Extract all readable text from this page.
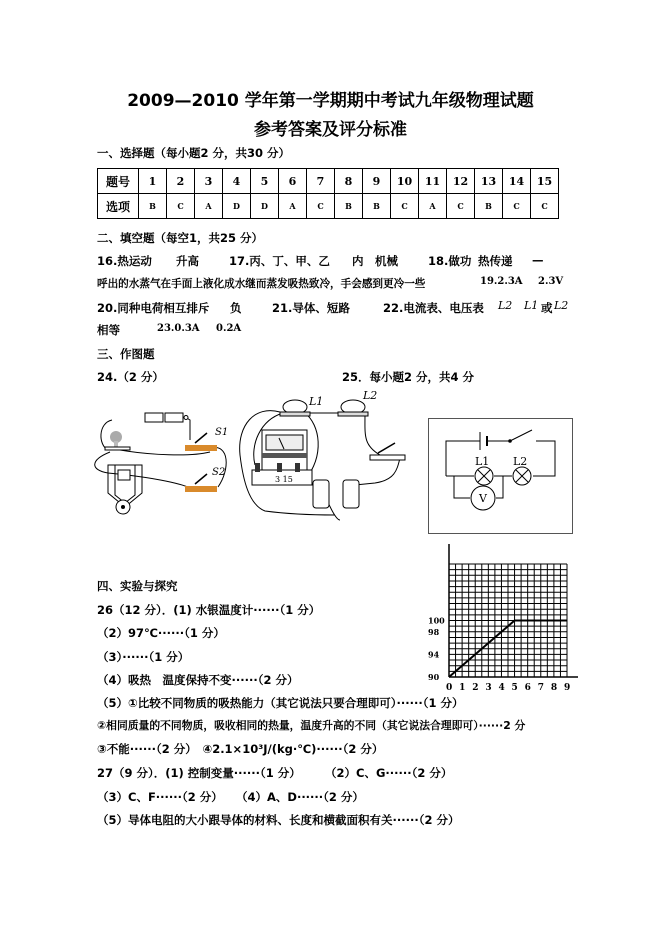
2009—2010 学年第一学期期中考试九年级物理试题
参考答案及评分标准
一、选择题（每小题2 分，共30 分）
题号	1	2	3	4	5	6	7	8	9	10	11	12	13	14	15
选项	B	C	A	D	D	A	C	B	B	C	A	C	B	C	C
二、填空题（每空1，共25 分）
16.热运动 升高	17.丙、丁、甲、乙 内 机械	18.做功 热传递 —
呼出的水蒸气在手面上液化成水继而蒸发吸热致冷，手会感到更冷一些	19.2.3A 2.3V
20.同种电荷相互排斥 负	21.导体、短路	22.电流表、电压表 L2 L1 或 L2
相等	23.0.3A 0.2A
三、作图题
24.（2 分）	25．每小题2 分，共4 分
S1
S2
L1	L2
3 15
V
L1 L2
0 1 2 3 4 5 6 7 8 9
90
94
98
100
四、实验与探究
26（12 分）．(1) 水银温度计······（1 分）
（2）97℃······（1 分）
（3）······（1 分）
（4）吸热　温度保持不变······（2 分）
（5）①比较不同物质的吸热能力（其它说法只要合理即可）······（1 分）
②相同质量的不同物质，吸收相同的热量，温度升高的不同（其它说法合理即可）······2 分
③不能······（2 分）　④2.1×10³J/(kg·℃)······（2 分）
27（9 分）．(1) 控制变量······（1 分） （2）C、G······（2 分）
（3）C、F······（2 分） （4）A、D······（2 分）
（5）导体电阻的大小跟导体的材料、长度和横截面积有关······（2 分）
